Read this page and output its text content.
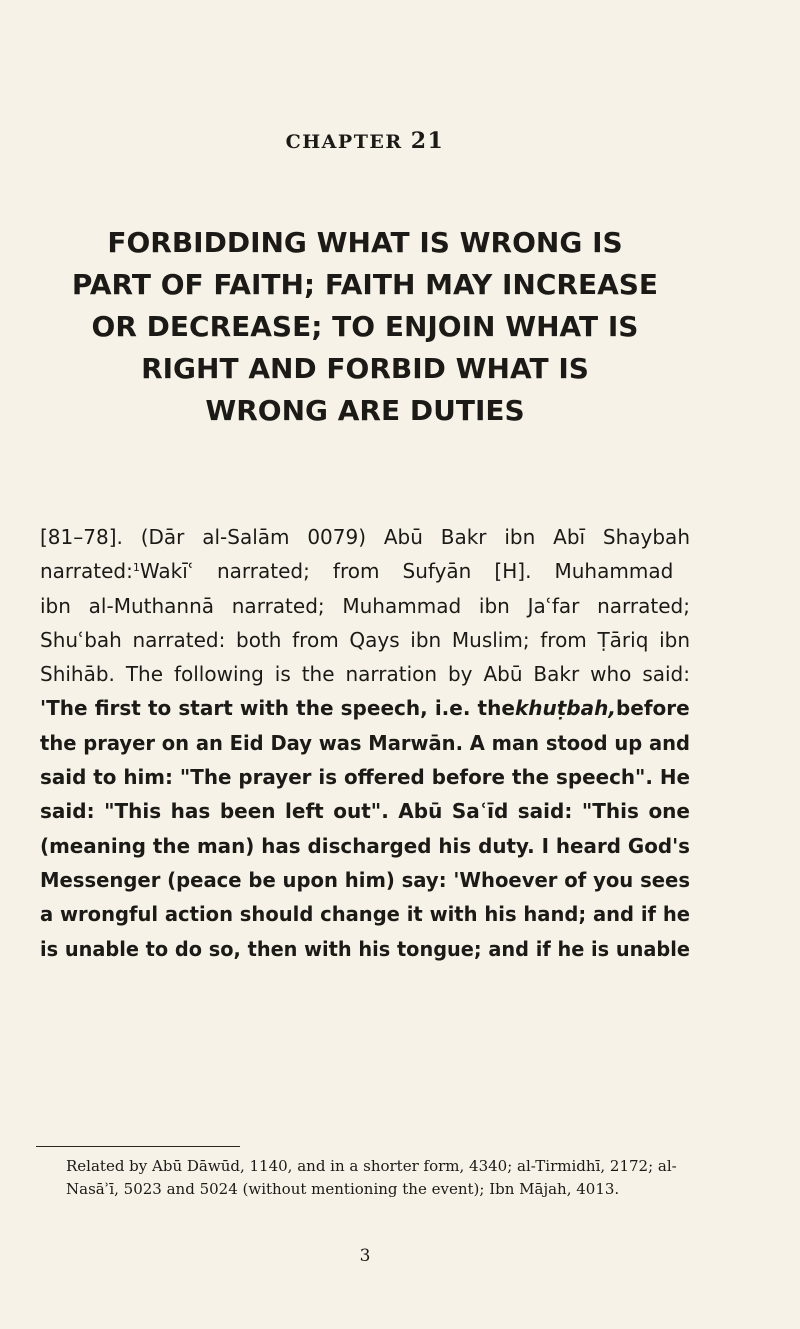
CHAPTER 21
FORBIDDING WHAT IS WRONG IS
PART OF FAITH; FAITH MAY INCREASE
OR DECREASE; TO ENJOIN WHAT IS
RIGHT AND FORBID WHAT IS
WRONG ARE DUTIES
[81–78]. (Dār al-Salām 0079) Abū Bakr ibn Abī Shaybah
narrated:1Wakīʿ narrated; from Sufyān [H]. Muhammad
ibn al-Muthannā narrated; Muhammad ibn Jaʿfar narrated;
Shuʿbah narrated: both from Qays ibn Muslim; from Ṭāriq ibn
Shihāb. The following is the narration by Abū Bakr who said:
'The first to start with the speech, i.e. thekhuṭbah,before
the prayer on an Eid Day was Marwān. A man stood up and
said to him: "The prayer is offered before the speech". He
said: "This has been left out". Abū Saʿīd said: "This one
(meaning the man) has discharged his duty. I heard God's
Messenger (peace be upon him) say: 'Whoever of you sees
a wrongful action should change it with his hand; and if he
is unable to do so, then with his tongue; and if he is unable
Related by Abū Dāwūd, 1140, and in a shorter form, 4340; al-Tirmidhī, 2172; al-
Nasāʾī, 5023 and 5024 (without mentioning the event); Ibn Mājah, 4013.
3
